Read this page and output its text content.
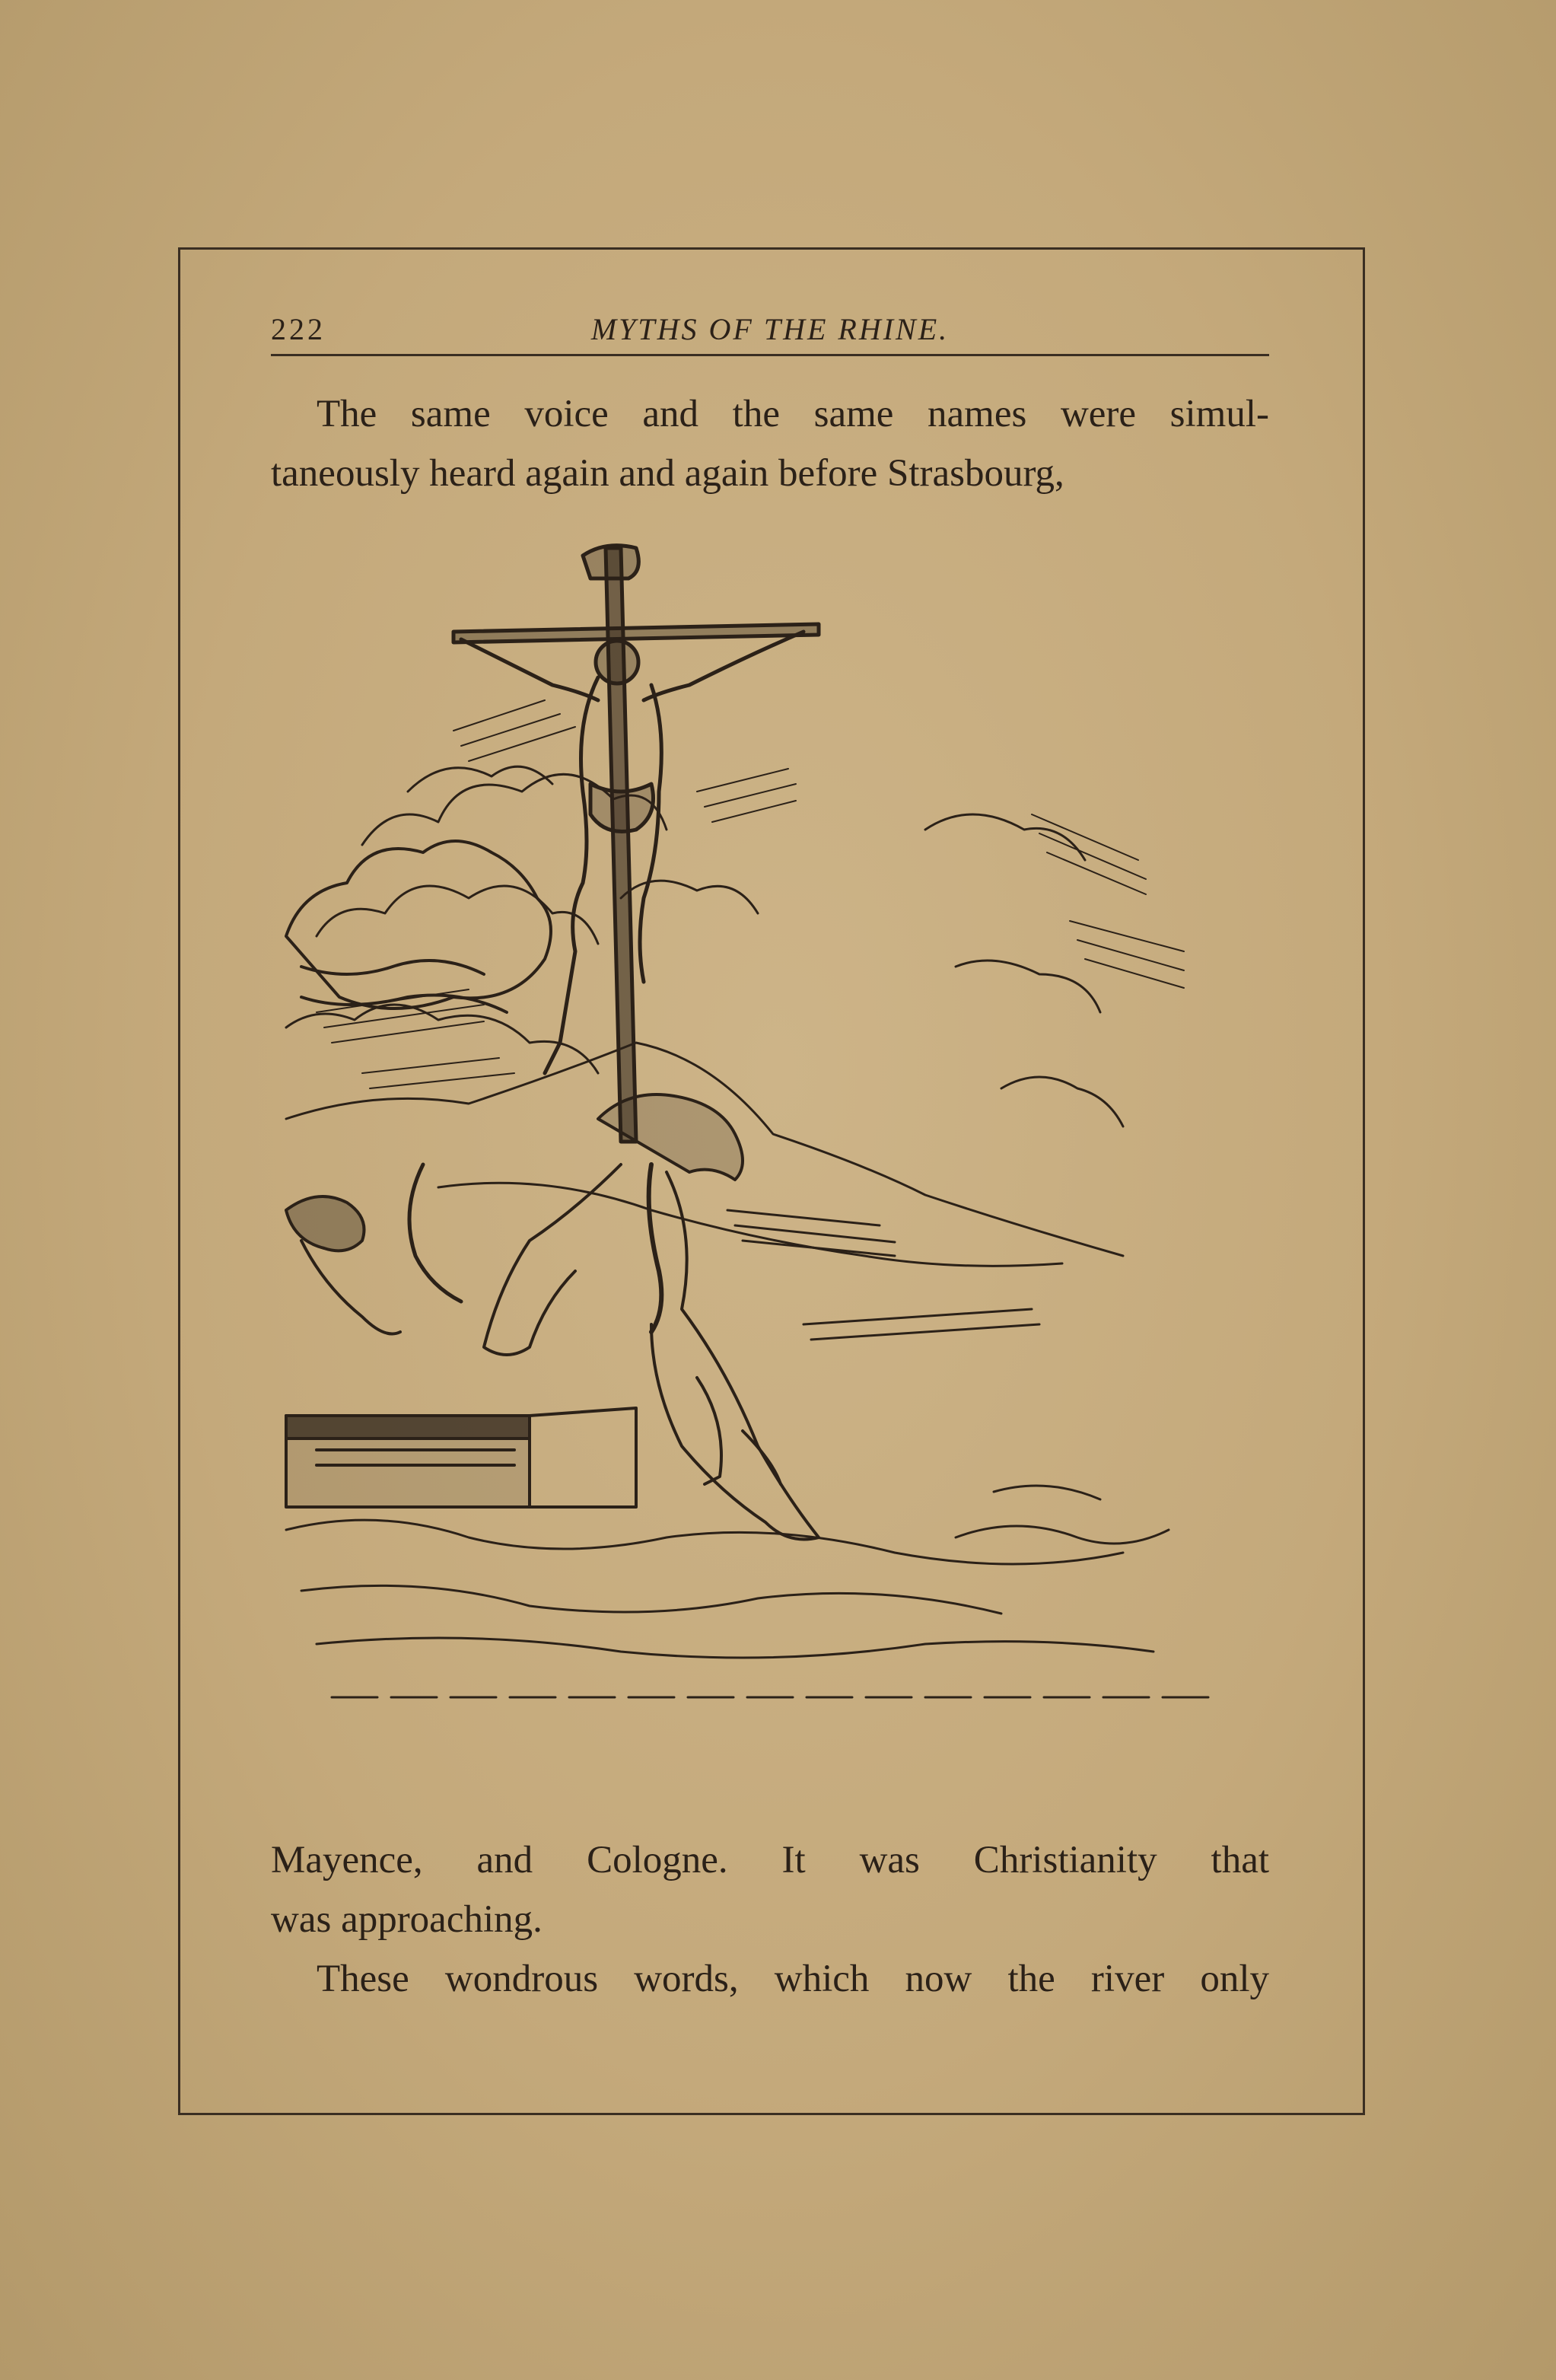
222	MYTHS OF THE RHINE.
The same voice and the same names were simul-
taneously heard again and again before Strasbourg,
Mayence, and Cologne. It was Christianity that
was approaching.
These wondrous words, which now the river only
